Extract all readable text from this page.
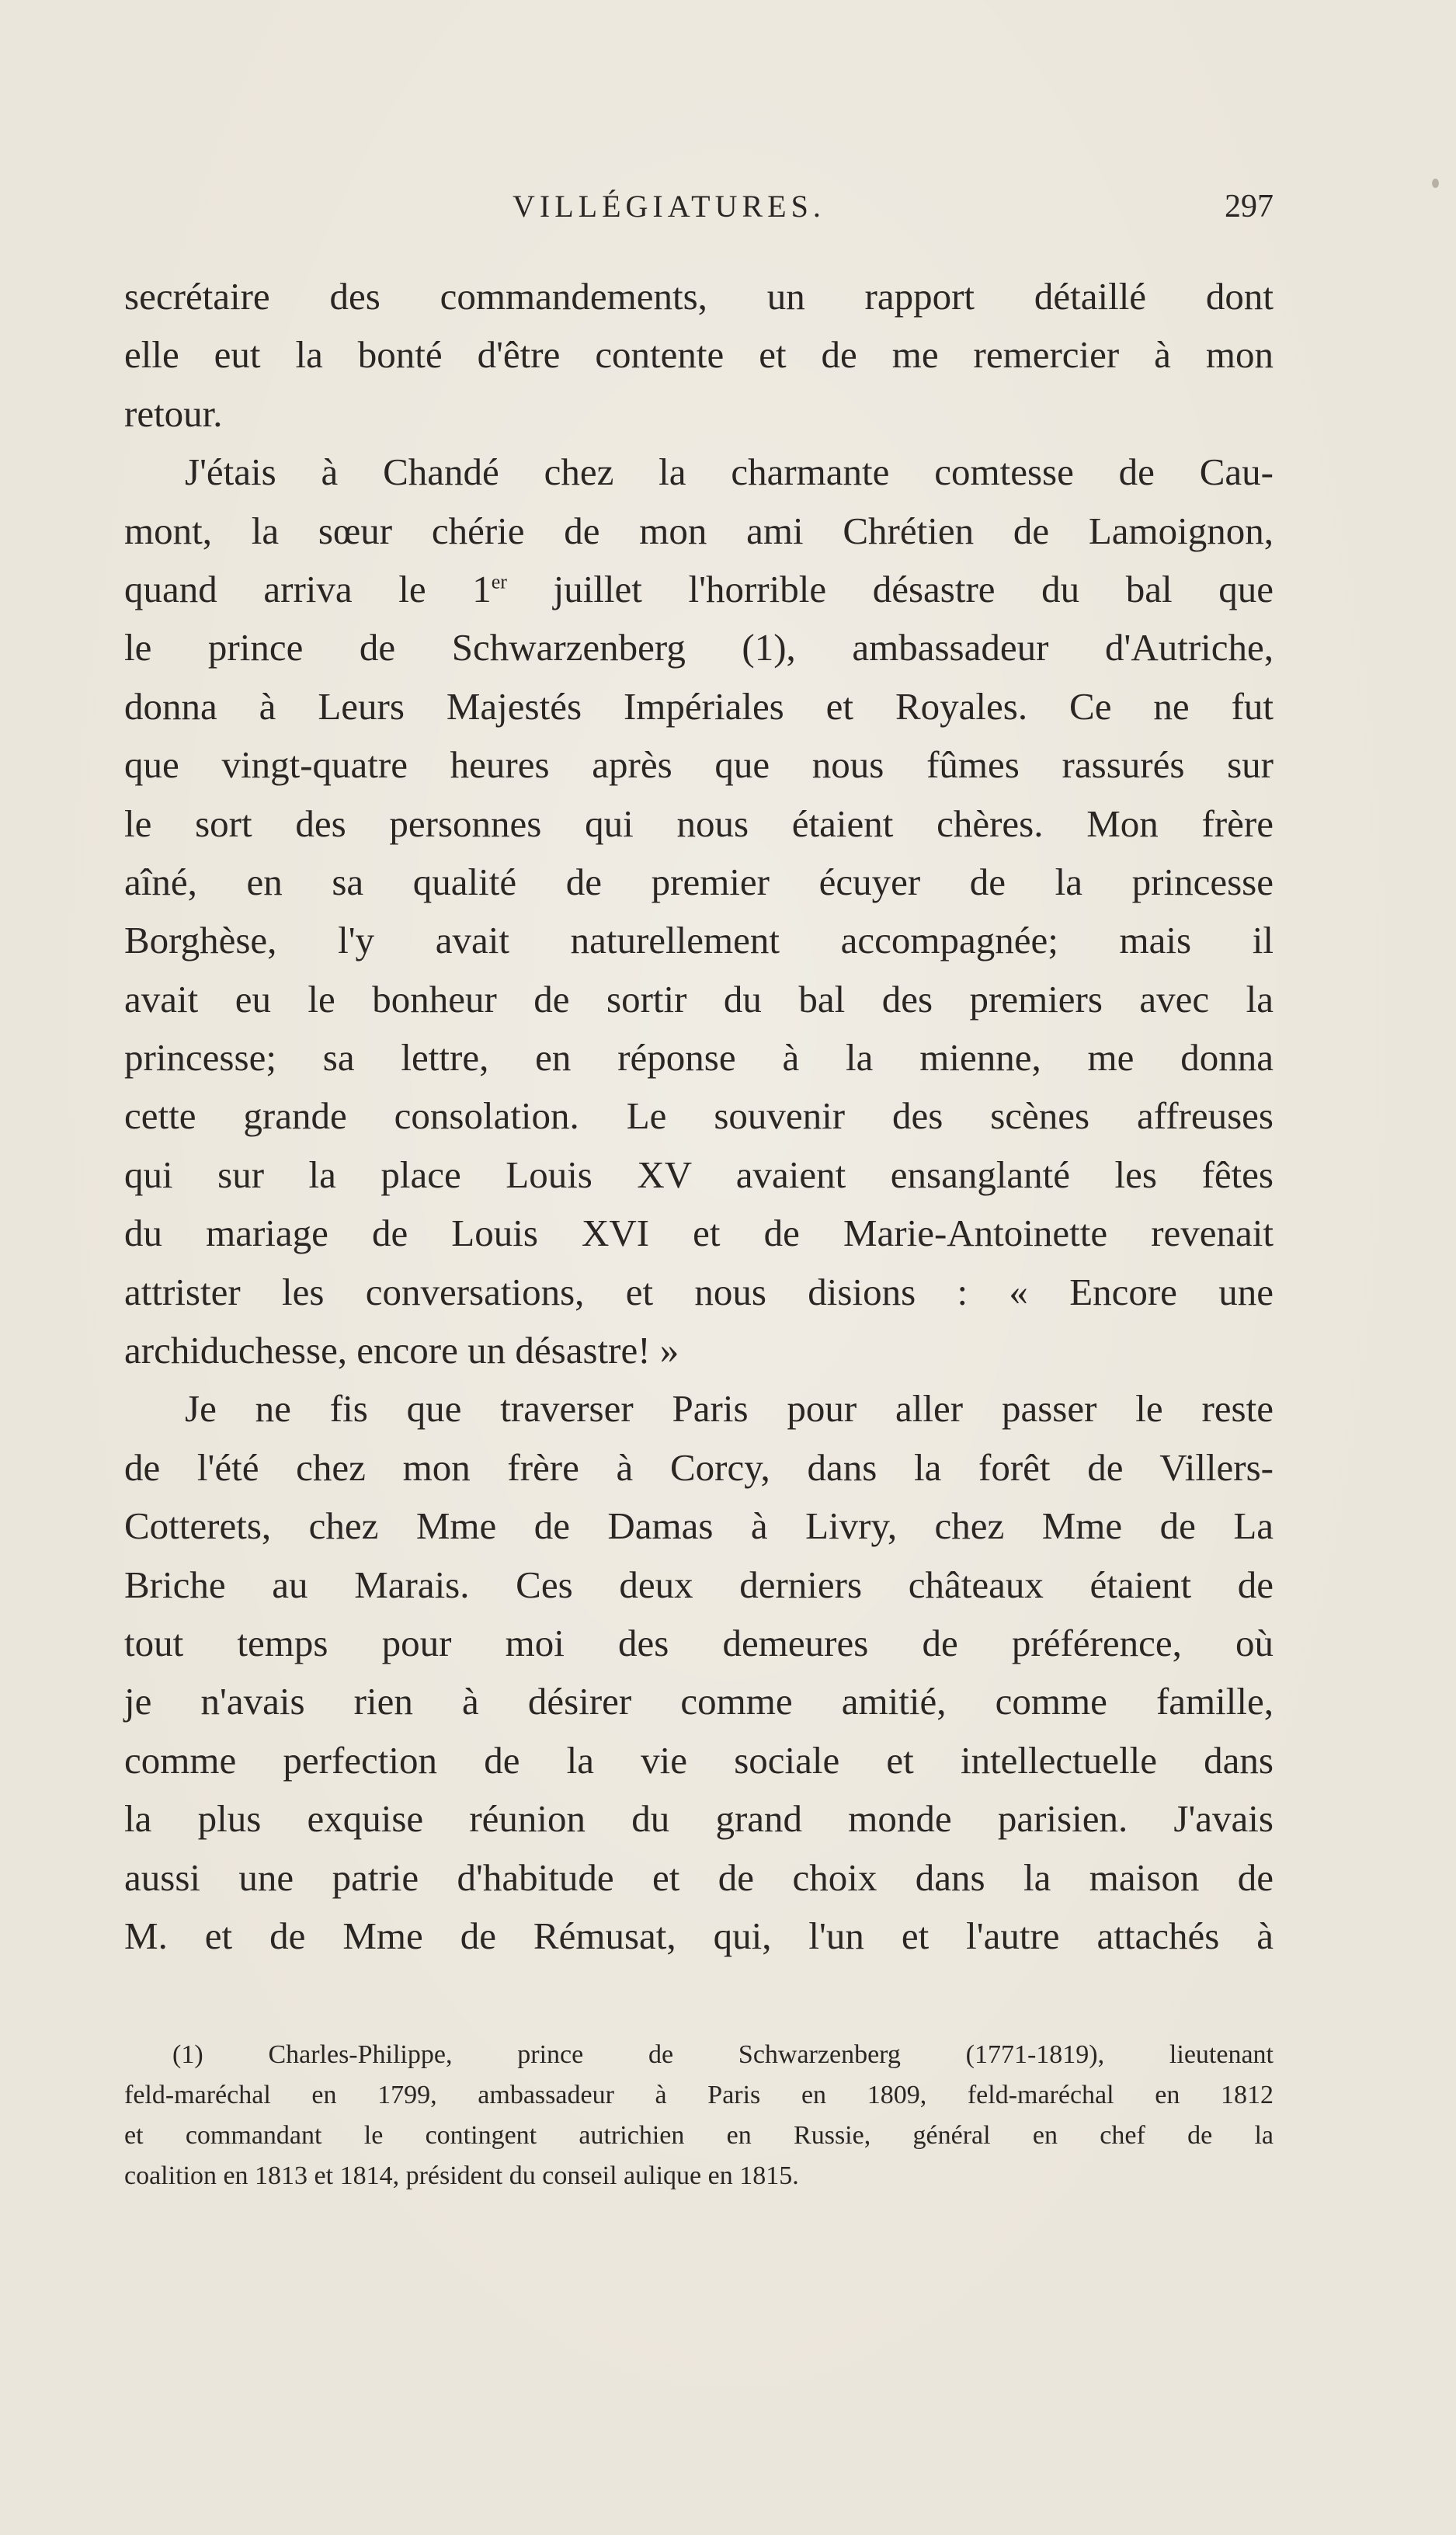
VILLÉGIATURES.	297
secrétaire des commandements, un rapport détaillé dont
elle eut la bonté d'être contente et de me remercier à mon
retour.
J'étais à Chandé chez la charmante comtesse de Cau-
mont, la sœur chérie de mon ami Chrétien de Lamoignon,
quand arriva le 1er juillet l'horrible désastre du bal que
le prince de Schwarzenberg (1), ambassadeur d'Autriche,
donna à Leurs Majestés Impériales et Royales. Ce ne fut
que vingt-quatre heures après que nous fûmes rassurés sur
le sort des personnes qui nous étaient chères. Mon frère
aîné, en sa qualité de premier écuyer de la princesse
Borghèse, l'y avait naturellement accompagnée; mais il
avait eu le bonheur de sortir du bal des premiers avec la
princesse; sa lettre, en réponse à la mienne, me donna
cette grande consolation. Le souvenir des scènes affreuses
qui sur la place Louis XV avaient ensanglanté les fêtes
du mariage de Louis XVI et de Marie-Antoinette revenait
attrister les conversations, et nous disions : « Encore une
archiduchesse, encore un désastre! »
Je ne fis que traverser Paris pour aller passer le reste
de l'été chez mon frère à Corcy, dans la forêt de Villers-
Cotterets, chez Mme de Damas à Livry, chez Mme de La
Briche au Marais. Ces deux derniers châteaux étaient de
tout temps pour moi des demeures de préférence, où
je n'avais rien à désirer comme amitié, comme famille,
comme perfection de la vie sociale et intellectuelle dans
la plus exquise réunion du grand monde parisien. J'avais
aussi une patrie d'habitude et de choix dans la maison de
M. et de Mme de Rémusat, qui, l'un et l'autre attachés à
(1) Charles-Philippe, prince de Schwarzenberg (1771-1819), lieutenant
feld-maréchal en 1799, ambassadeur à Paris en 1809, feld-maréchal en 1812
et commandant le contingent autrichien en Russie, général en chef de la
coalition en 1813 et 1814, président du conseil aulique en 1815.
